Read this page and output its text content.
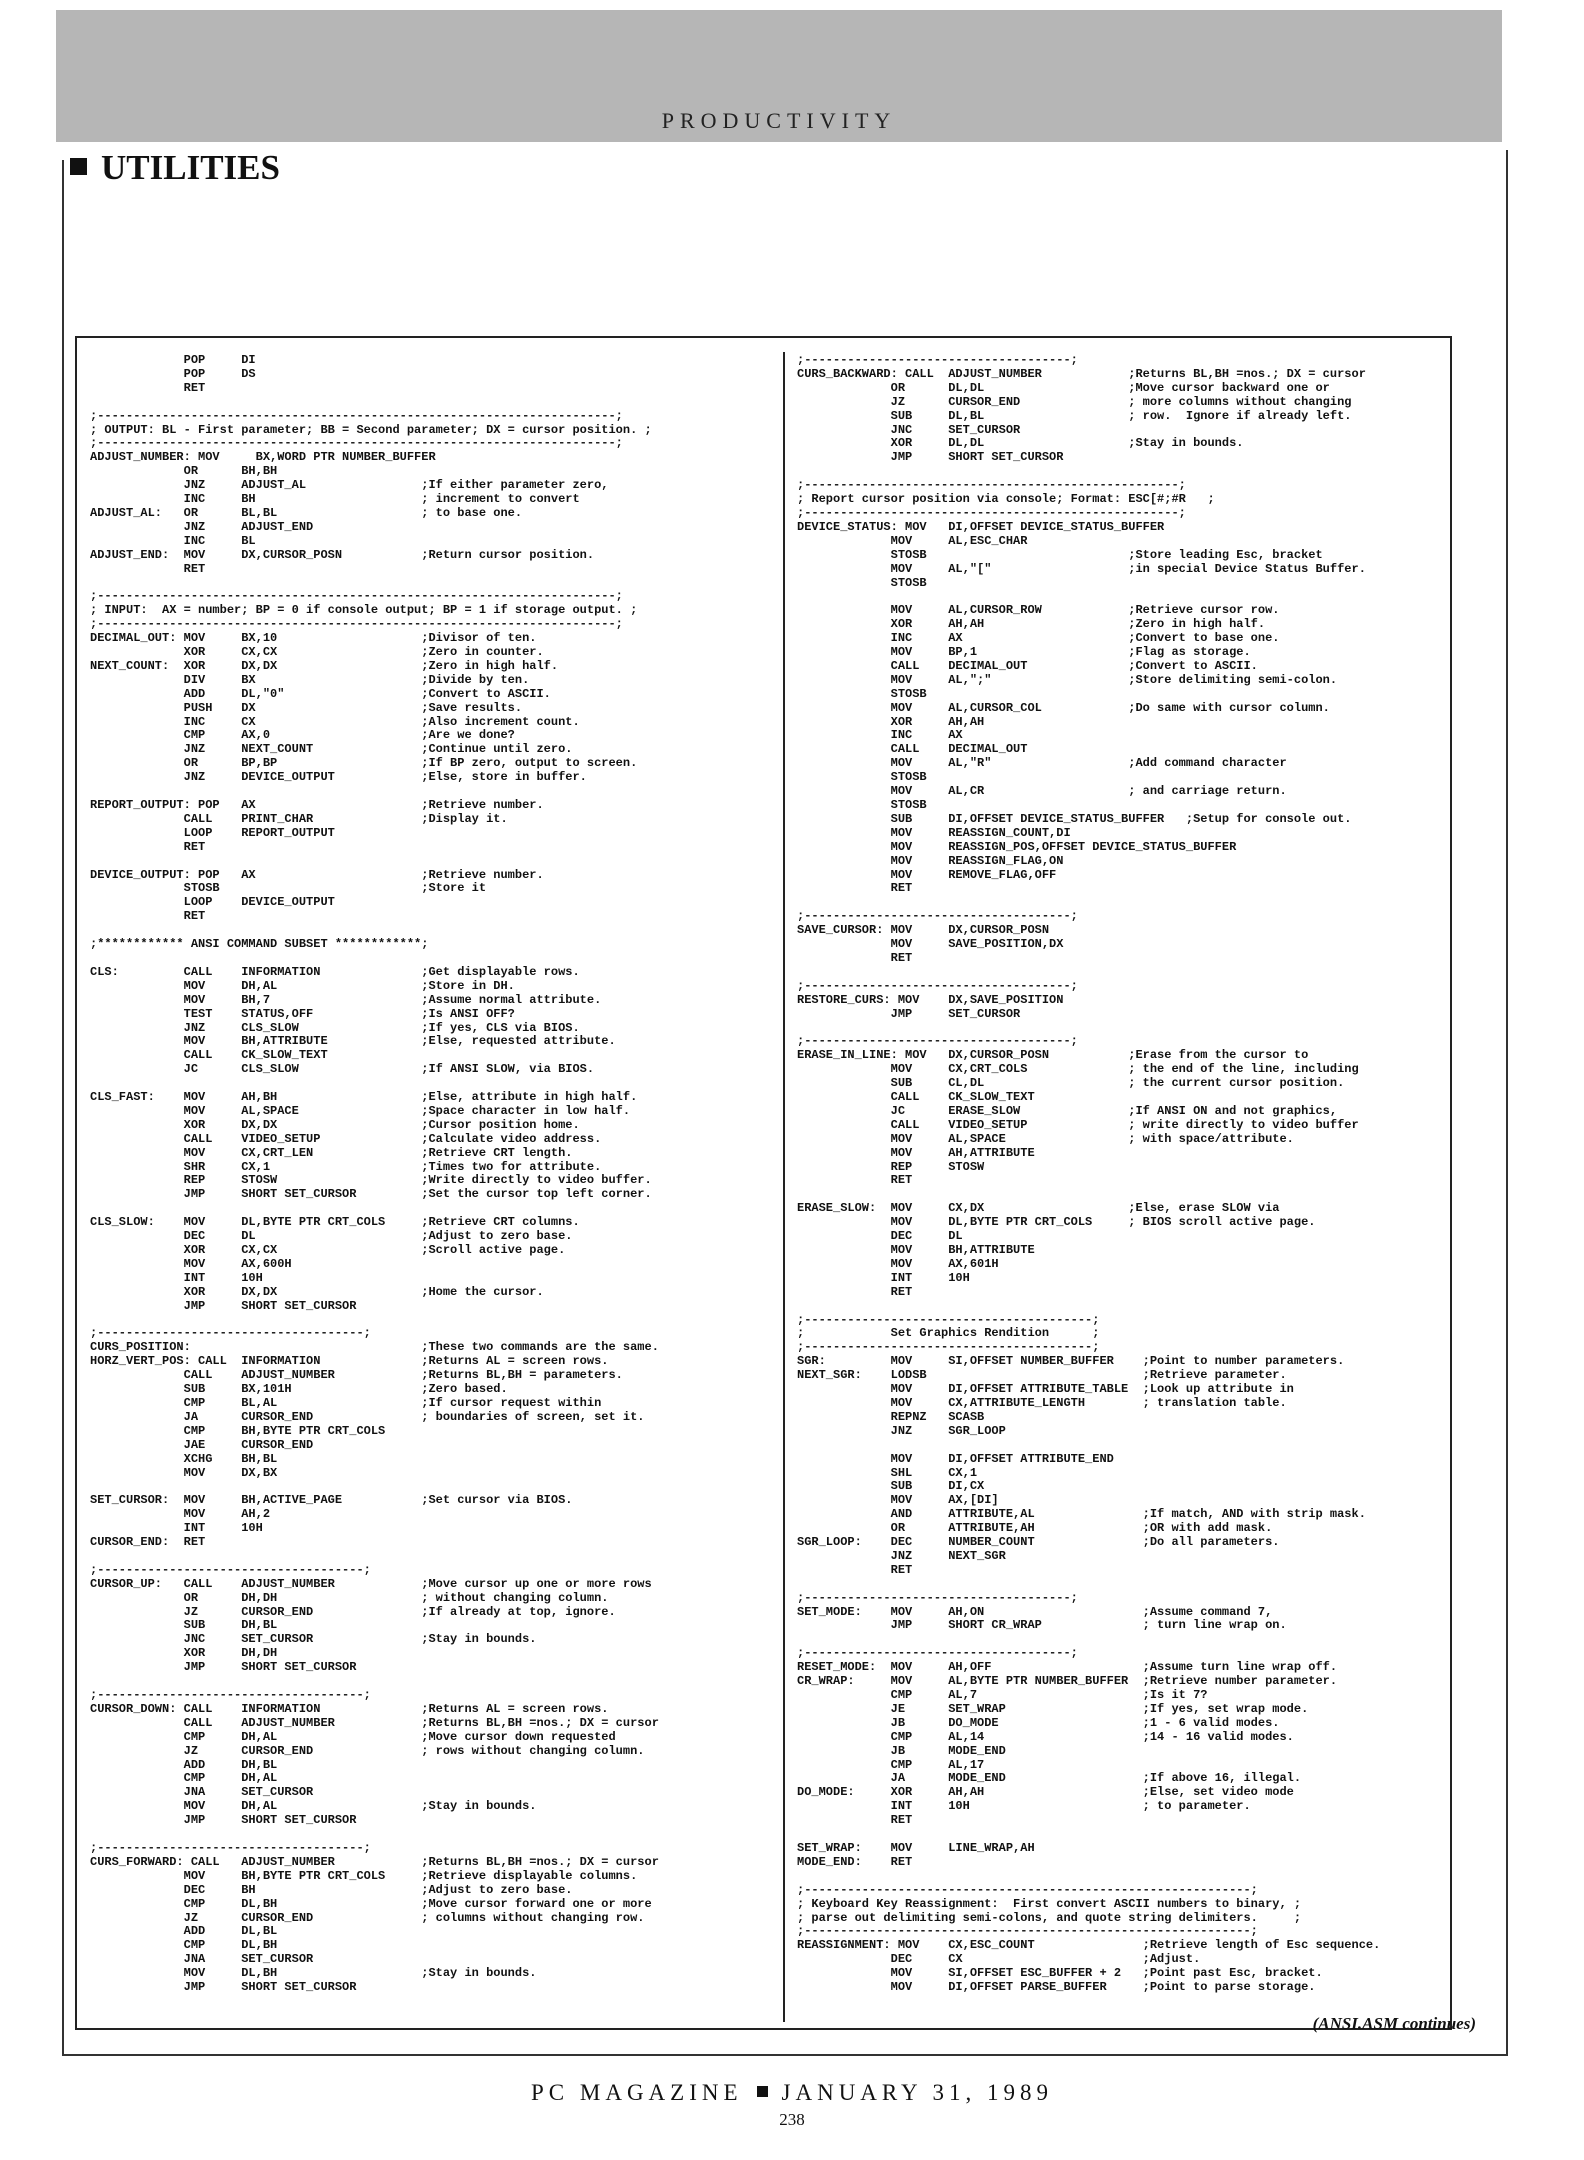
PRODUCTIVITY
UTILITIES
POP     DI
POP     DS
RET

;------------------------------------------------------------------------;
; OUTPUT: BL - First parameter; BB = Second parameter; DX = cursor position. ;
;------------------------------------------------------------------------;
ADJUST_NUMBER: MOV     BX,WORD PTR NUMBER_BUFFER
OR      BH,BH
JNZ     ADJUST_AL                ;If either parameter zero,
INC     BH                       ; increment to convert
ADJUST_AL:   OR      BL,BL                    ; to base one.
JNZ     ADJUST_END
INC     BL
ADJUST_END:  MOV     DX,CURSOR_POSN           ;Return cursor position.
RET

;------------------------------------------------------------------------;
; INPUT:  AX = number; BP = 0 if console output; BP = 1 if storage output. ;
;------------------------------------------------------------------------;
DECIMAL_OUT: MOV     BX,10                    ;Divisor of ten.
XOR     CX,CX                    ;Zero in counter.
NEXT_COUNT:  XOR     DX,DX                    ;Zero in high half.
DIV     BX                       ;Divide by ten.
ADD     DL,"0"                   ;Convert to ASCII.
PUSH    DX                       ;Save results.
INC     CX                       ;Also increment count.
CMP     AX,0                     ;Are we done?
JNZ     NEXT_COUNT               ;Continue until zero.
OR      BP,BP                    ;If BP zero, output to screen.
JNZ     DEVICE_OUTPUT            ;Else, store in buffer.

REPORT_OUTPUT: POP   AX                       ;Retrieve number.
CALL    PRINT_CHAR               ;Display it.
LOOP    REPORT_OUTPUT
RET

DEVICE_OUTPUT: POP   AX                       ;Retrieve number.
STOSB                            ;Store it
LOOP    DEVICE_OUTPUT
RET

;************ ANSI COMMAND SUBSET ************;

CLS:         CALL    INFORMATION              ;Get displayable rows.
MOV     DH,AL                    ;Store in DH.
MOV     BH,7                     ;Assume normal attribute.
TEST    STATUS,OFF               ;Is ANSI OFF?
JNZ     CLS_SLOW                 ;If yes, CLS via BIOS.
MOV     BH,ATTRIBUTE             ;Else, requested attribute.
CALL    CK_SLOW_TEXT
JC      CLS_SLOW                 ;If ANSI SLOW, via BIOS.

CLS_FAST:    MOV     AH,BH                    ;Else, attribute in high half.
MOV     AL,SPACE                 ;Space character in low half.
XOR     DX,DX                    ;Cursor position home.
CALL    VIDEO_SETUP              ;Calculate video address.
MOV     CX,CRT_LEN               ;Retrieve CRT length.
SHR     CX,1                     ;Times two for attribute.
REP     STOSW                    ;Write directly to video buffer.
JMP     SHORT SET_CURSOR         ;Set the cursor top left corner.

CLS_SLOW:    MOV     DL,BYTE PTR CRT_COLS     ;Retrieve CRT columns.
DEC     DL                       ;Adjust to zero base.
XOR     CX,CX                    ;Scroll active page.
MOV     AX,600H
INT     10H
XOR     DX,DX                    ;Home the cursor.
JMP     SHORT SET_CURSOR

;-------------------------------------;
CURS_POSITION:                                ;These two commands are the same.
HORZ_VERT_POS: CALL  INFORMATION              ;Returns AL = screen rows.
CALL    ADJUST_NUMBER            ;Returns BL,BH = parameters.
SUB     BX,101H                  ;Zero based.
CMP     BL,AL                    ;If cursor request within
JA      CURSOR_END               ; boundaries of screen, set it.
CMP     BH,BYTE PTR CRT_COLS
JAE     CURSOR_END
XCHG    BH,BL
MOV     DX,BX

SET_CURSOR:  MOV     BH,ACTIVE_PAGE           ;Set cursor via BIOS.
MOV     AH,2
INT     10H
CURSOR_END:  RET

;-------------------------------------;
CURSOR_UP:   CALL    ADJUST_NUMBER            ;Move cursor up one or more rows
OR      DH,DH                    ; without changing column.
JZ      CURSOR_END               ;If already at top, ignore.
SUB     DH,BL
JNC     SET_CURSOR               ;Stay in bounds.
XOR     DH,DH
JMP     SHORT SET_CURSOR

;-------------------------------------;
CURSOR_DOWN: CALL    INFORMATION              ;Returns AL = screen rows.
CALL    ADJUST_NUMBER            ;Returns BL,BH =nos.; DX = cursor
CMP     DH,AL                    ;Move cursor down requested
JZ      CURSOR_END               ; rows without changing column.
ADD     DH,BL
CMP     DH,AL
JNA     SET_CURSOR
MOV     DH,AL                    ;Stay in bounds.
JMP     SHORT SET_CURSOR

;-------------------------------------;
CURS_FORWARD: CALL   ADJUST_NUMBER            ;Returns BL,BH =nos.; DX = cursor
MOV     BH,BYTE PTR CRT_COLS     ;Retrieve displayable columns.
DEC     BH                       ;Adjust to zero base.
CMP     DL,BH                    ;Move cursor forward one or more
JZ      CURSOR_END               ; columns without changing row.
ADD     DL,BL
CMP     DL,BH
JNA     SET_CURSOR
MOV     DL,BH                    ;Stay in bounds.
JMP     SHORT SET_CURSOR

;-------------------------------------;
CURS_BACKWARD: CALL  ADJUST_NUMBER            ;Returns BL,BH =nos.; DX = cursor
OR      DL,DL                    ;Move cursor backward one or
JZ      CURSOR_END               ; more columns without changing
SUB     DL,BL                    ; row.  Ignore if already left.
JNC     SET_CURSOR
XOR     DL,DL                    ;Stay in bounds.
JMP     SHORT SET_CURSOR

;----------------------------------------------------;
; Report cursor position via console; Format: ESC[#;#R   ;
;----------------------------------------------------;
DEVICE_STATUS: MOV   DI,OFFSET DEVICE_STATUS_BUFFER
MOV     AL,ESC_CHAR
STOSB                            ;Store leading Esc, bracket
MOV     AL,"["                   ;in special Device Status Buffer.
STOSB

MOV     AL,CURSOR_ROW            ;Retrieve cursor row.
XOR     AH,AH                    ;Zero in high half.
INC     AX                       ;Convert to base one.
MOV     BP,1                     ;Flag as storage.
CALL    DECIMAL_OUT              ;Convert to ASCII.
MOV     AL,";"                   ;Store delimiting semi-colon.
STOSB
MOV     AL,CURSOR_COL            ;Do same with cursor column.
XOR     AH,AH
INC     AX
CALL    DECIMAL_OUT
MOV     AL,"R"                   ;Add command character
STOSB
MOV     AL,CR                    ; and carriage return.
STOSB
SUB     DI,OFFSET DEVICE_STATUS_BUFFER   ;Setup for console out.
MOV     REASSIGN_COUNT,DI
MOV     REASSIGN_POS,OFFSET DEVICE_STATUS_BUFFER
MOV     REASSIGN_FLAG,ON
MOV     REMOVE_FLAG,OFF
RET

;-------------------------------------;
SAVE_CURSOR: MOV     DX,CURSOR_POSN
MOV     SAVE_POSITION,DX
RET

;-------------------------------------;
RESTORE_CURS: MOV    DX,SAVE_POSITION
JMP     SET_CURSOR

;-------------------------------------;
ERASE_IN_LINE: MOV   DX,CURSOR_POSN           ;Erase from the cursor to
MOV     CX,CRT_COLS              ; the end of the line, including
SUB     CL,DL                    ; the current cursor position.
CALL    CK_SLOW_TEXT
JC      ERASE_SLOW               ;If ANSI ON and not graphics,
CALL    VIDEO_SETUP              ; write directly to video buffer
MOV     AL,SPACE                 ; with space/attribute.
MOV     AH,ATTRIBUTE
REP     STOSW
RET

ERASE_SLOW:  MOV     CX,DX                    ;Else, erase SLOW via
MOV     DL,BYTE PTR CRT_COLS     ; BIOS scroll active page.
DEC     DL
MOV     BH,ATTRIBUTE
MOV     AX,601H
INT     10H
RET

;----------------------------------------;
;            Set Graphics Rendition      ;
;----------------------------------------;
SGR:         MOV     SI,OFFSET NUMBER_BUFFER    ;Point to number parameters.
NEXT_SGR:    LODSB                              ;Retrieve parameter.
MOV     DI,OFFSET ATTRIBUTE_TABLE  ;Look up attribute in
MOV     CX,ATTRIBUTE_LENGTH        ; translation table.
REPNZ   SCASB
JNZ     SGR_LOOP

MOV     DI,OFFSET ATTRIBUTE_END
SHL     CX,1
SUB     DI,CX
MOV     AX,[DI]
AND     ATTRIBUTE,AL               ;If match, AND with strip mask.
OR      ATTRIBUTE,AH               ;OR with add mask.
SGR_LOOP:    DEC     NUMBER_COUNT               ;Do all parameters.
JNZ     NEXT_SGR
RET

;-------------------------------------;
SET_MODE:    MOV     AH,ON                      ;Assume command 7,
JMP     SHORT CR_WRAP              ; turn line wrap on.

;-------------------------------------;
RESET_MODE:  MOV     AH,OFF                     ;Assume turn line wrap off.
CR_WRAP:     MOV     AL,BYTE PTR NUMBER_BUFFER  ;Retrieve number parameter.
CMP     AL,7                       ;Is it 7?
JE      SET_WRAP                   ;If yes, set wrap mode.
JB      DO_MODE                    ;1 - 6 valid modes.
CMP     AL,14                      ;14 - 16 valid modes.
JB      MODE_END
CMP     AL,17
JA      MODE_END                   ;If above 16, illegal.
DO_MODE:     XOR     AH,AH                      ;Else, set video mode
INT     10H                        ; to parameter.
RET

SET_WRAP:    MOV     LINE_WRAP,AH
MODE_END:    RET

;--------------------------------------------------------------;
; Keyboard Key Reassignment:  First convert ASCII numbers to binary, ;
; parse out delimiting semi-colons, and quote string delimiters.     ;
;--------------------------------------------------------------;
REASSIGNMENT: MOV    CX,ESC_COUNT               ;Retrieve length of Esc sequence.
DEC     CX                         ;Adjust.
MOV     SI,OFFSET ESC_BUFFER + 2   ;Point past Esc, bracket.
MOV     DI,OFFSET PARSE_BUFFER     ;Point to parse storage.

(ANSI.ASM continues)
PC MAGAZINE JANUARY 31, 1989
238
